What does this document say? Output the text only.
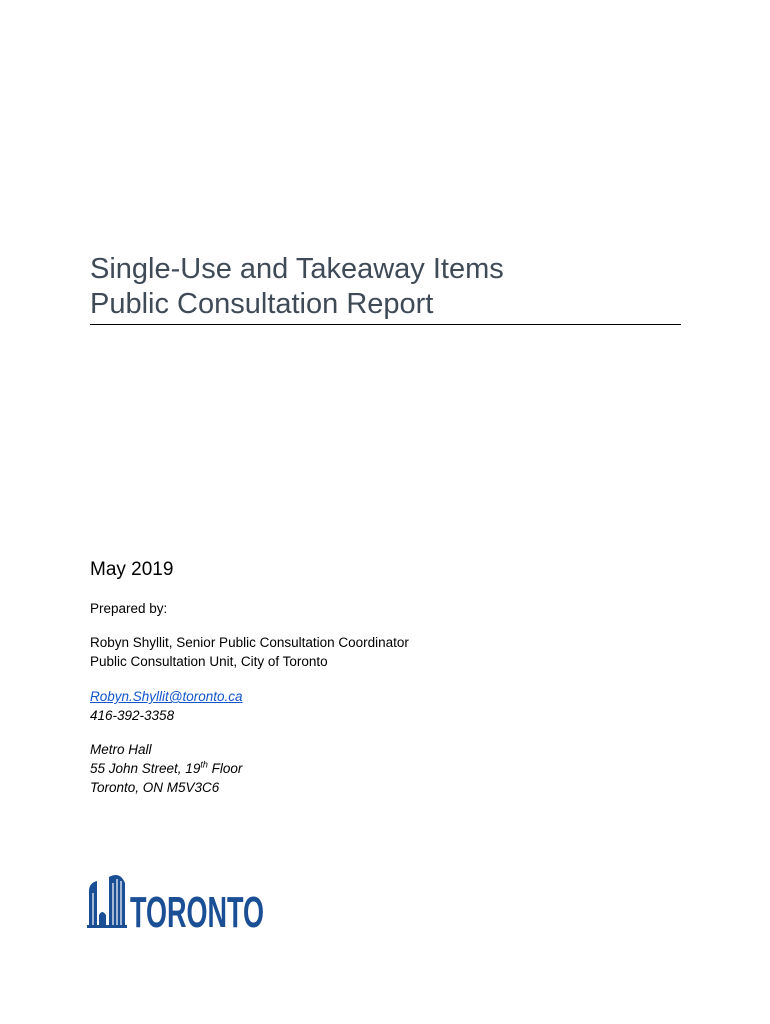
Single-Use and Takeaway Items
Public Consultation Report
May 2019
Prepared by:
Robyn Shyllit, Senior Public Consultation Coordinator
Public Consultation Unit, City of Toronto
Robyn.Shyllit@toronto.ca
416-392-3358
Metro Hall
55 John Street, 19th Floor
Toronto, ON M5V3C6
TORONTO
